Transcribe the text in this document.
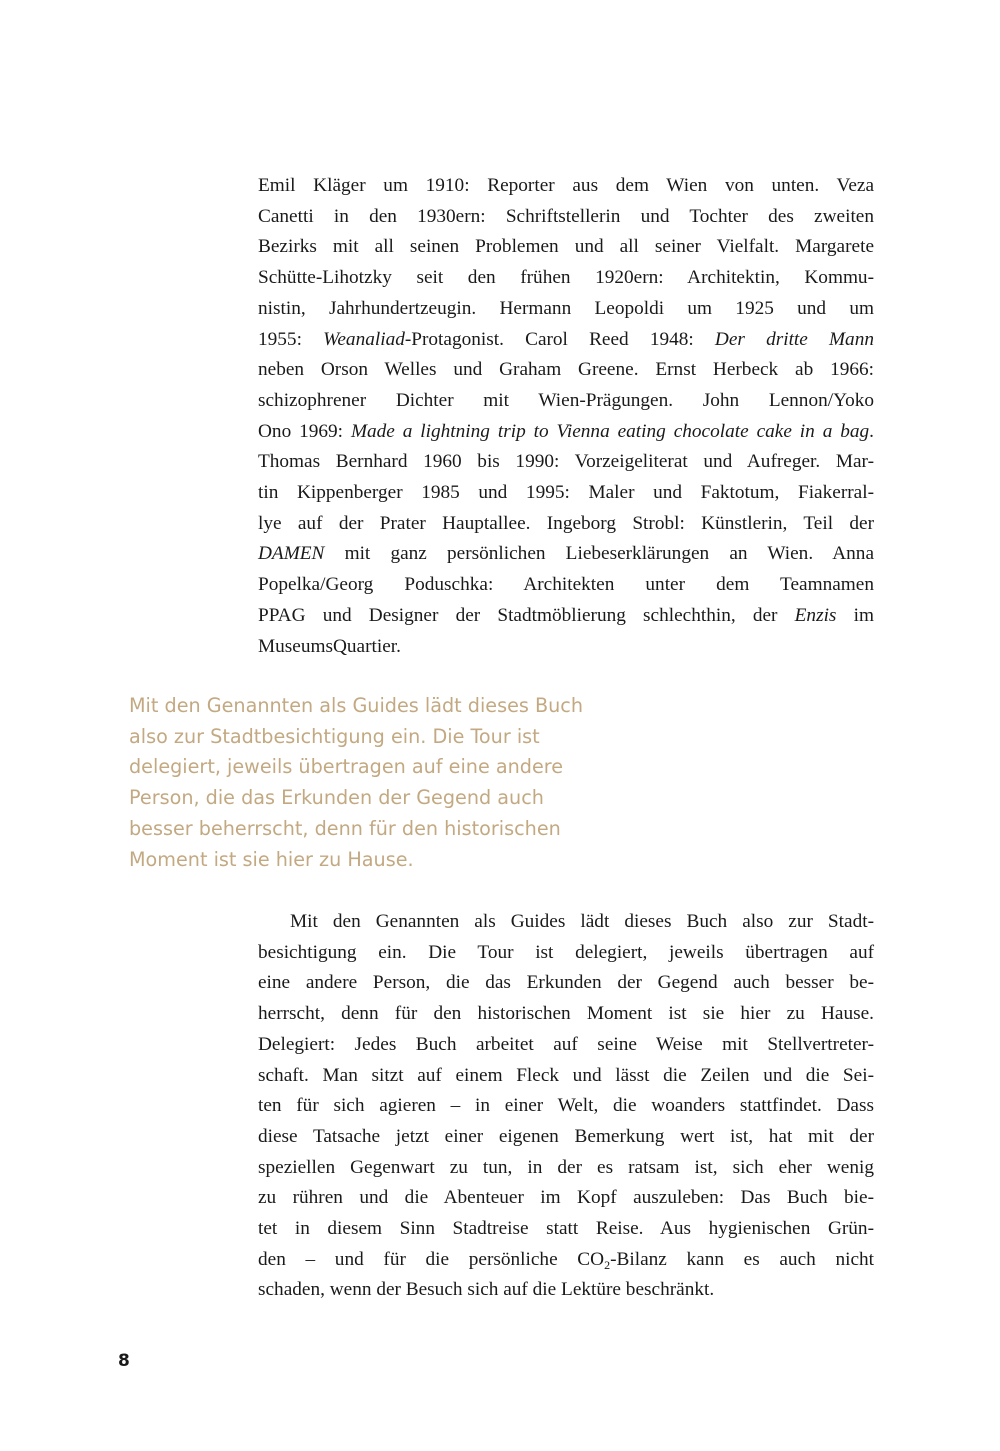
Emil Kläger um 1910: Reporter aus dem Wien von unten. Veza
Canetti in den 1930ern: Schriftstellerin und Tochter des zweiten
Bezirks mit all seinen Problemen und all seiner Vielfalt. Margarete
Schütte-Lihotzky seit den frühen 1920ern: Architektin, Kommu-
nistin, Jahrhundertzeugin. Hermann Leopoldi um 1925 und um
1955: Weanaliad-Protagonist. Carol Reed 1948: Der dritte Mann
neben Orson Welles und Graham Greene. Ernst Herbeck ab 1966:
schizophrener Dichter mit Wien-Prägungen. John Lennon/Yoko
Ono 1969: Made a lightning trip to Vienna eating chocolate cake in a bag.
Thomas Bernhard 1960 bis 1990: Vorzeigeliterat und Aufreger. Mar-
tin Kippenberger 1985 und 1995: Maler und Faktotum, Fiakerral-
lye auf der Prater Hauptallee. Ingeborg Strobl: Künstlerin, Teil der
DAMEN mit ganz persönlichen Liebeserklärungen an Wien. Anna
Popelka/Georg Poduschka: Architekten unter dem Teamnamen
PPAG und Designer der Stadtmöblierung schlechthin, der Enzis im
MuseumsQuartier.
Mit den Genannten als Guides lädt dieses Buch
also zur Stadtbesichtigung ein. Die Tour ist
delegiert, jeweils übertragen auf eine andere
Person, die das Erkunden der Gegend auch
besser beherrscht, denn für den historischen
Moment ist sie hier zu Hause.
Mit den Genannten als Guides lädt dieses Buch also zur Stadt-
besichtigung ein. Die Tour ist delegiert, jeweils übertragen auf
eine andere Person, die das Erkunden der Gegend auch besser be-
herrscht, denn für den historischen Moment ist sie hier zu Hause.
Delegiert: Jedes Buch arbeitet auf seine Weise mit Stellvertreter-
schaft. Man sitzt auf einem Fleck und lässt die Zeilen und die Sei-
ten für sich agieren – in einer Welt, die woanders stattfindet. Dass
diese Tatsache jetzt einer eigenen Bemerkung wert ist, hat mit der
speziellen Gegenwart zu tun, in der es ratsam ist, sich eher wenig
zu rühren und die Abenteuer im Kopf auszuleben: Das Buch bie-
tet in diesem Sinn Stadtreise statt Reise. Aus hygienischen Grün-
den – und für die persönliche $CO_2$-Bilanz kann es auch nicht
schaden, wenn der Besuch sich auf die Lektüre beschränkt.
8
